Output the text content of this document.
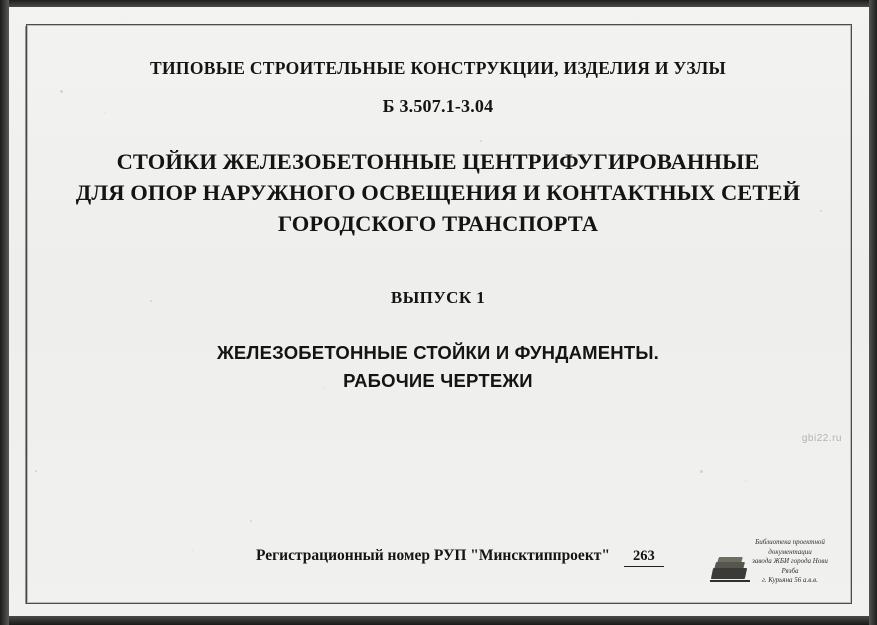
ТИПОВЫЕ СТРОИТЕЛЬНЫЕ КОНСТРУКЦИИ, ИЗДЕЛИЯ И УЗЛЫ
Б 3.507.1-3.04
СТОЙКИ ЖЕЛЕЗОБЕТОННЫЕ ЦЕНТРИФУГИРОВАННЫЕ
ДЛЯ ОПОР НАРУЖНОГО ОСВЕЩЕНИЯ И КОНТАКТНЫХ СЕТЕЙ
ГОРОДСКОГО ТРАНСПОРТА
ВЫПУСК 1
ЖЕЛЕЗОБЕТОННЫЕ СТОЙКИ И ФУНДАМЕНТЫ.
РАБОЧИЕ ЧЕРТЕЖИ
gbi22.ru
Регистрационный номер РУП "Минсктиппроект" 263
Библиотека проектной документации
завода ЖБИ города Нови Рязба
г. Курьяна 56 а.в.в.
